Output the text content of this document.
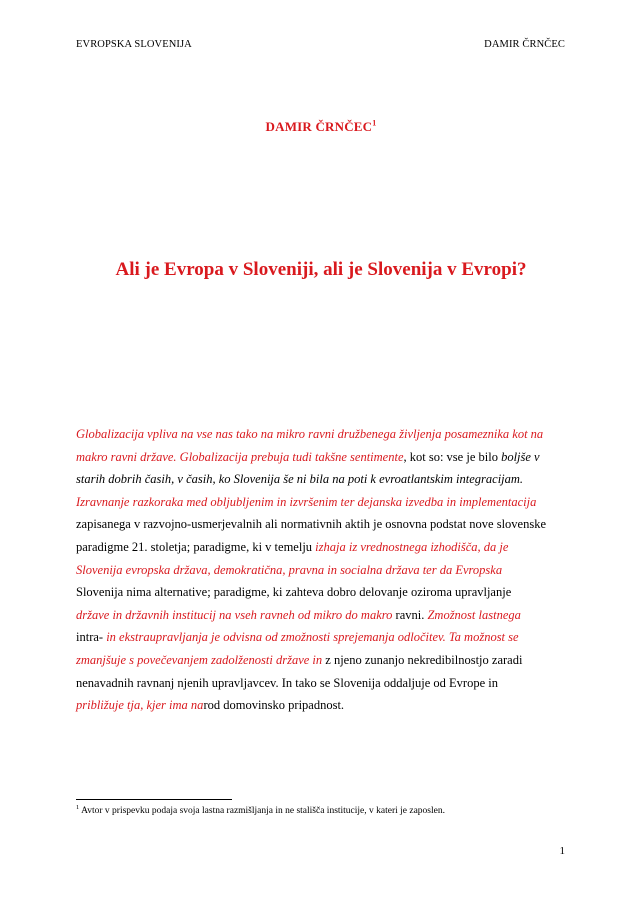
EVROPSKA SLOVENIJA	DAMIR ČRNČEC
DAMIR ČRNČEC$^1$
Ali je Evropa v Sloveniji, ali je Slovenija v Evropi?
Globalizacija vpliva na vse nas tako na mikro ravni družbenega življenja posameznika kot na
makro ravni države. Globalizacija prebuja tudi takšne sentimente, kot so: vse je bilo boljše v
starih dobrih časih, v časih, ko Slovenija še ni bila na poti k evroatlantskim integracijam.
Izravnanje razkoraka med obljubljenim in izvršenim ter dejanska izvedba in implementacija
zapisanega v razvojno-usmerjevalnih ali normativnih aktih je osnovna podstat nove slovenske
paradigme 21. stoletja; paradigme, ki v temelju izhaja iz vrednostnega izhodišča, da je
Slovenija evropska država, demokratična, pravna in socialna država ter da Evropska
Slovenija nima alternative; paradigme, ki zahteva dobro delovanje oziroma upravljanje
države in državnih institucij na vseh ravneh od mikro do makro ravni. Zmožnost lastnega
intra- in ekstraupravljanja je odvisna od zmožnosti sprejemanja odločitev. Ta možnost se
zmanjšuje s povečevanjem zadolženosti države in z njeno zunanjo nekredibilnostjo zaradi
nenavadnih ravnanj njenih upravljavcev. In tako se Slovenija oddaljuje od Evrope in
približuje tja, kjer ima narod domovinsko pripadnost.
$^1$ Avtor v prispevku podaja svoja lastna razmišljanja in ne stališča institucije, v kateri je zaposlen.
1
